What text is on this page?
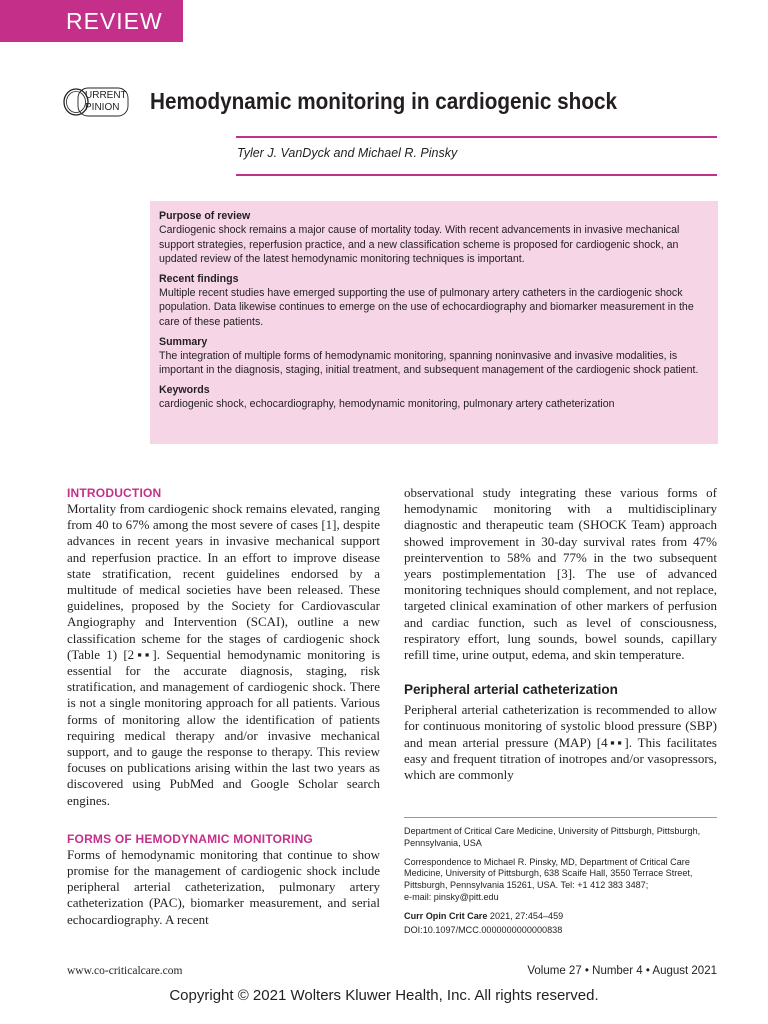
REVIEW
URRENT
PINION Hemodynamic monitoring in cardiogenic shock
Tyler J. VanDyck and Michael R. Pinsky
Purpose of review

Cardiogenic shock remains a major cause of mortality today. With recent advancements in invasive mechanical support strategies, reperfusion practice, and a new classification scheme is proposed for cardiogenic shock, an updated review of the latest hemodynamic monitoring techniques is important.

Recent findings

Multiple recent studies have emerged supporting the use of pulmonary artery catheters in the cardiogenic shock population. Data likewise continues to emerge on the use of echocardiography and biomarker measurement in the care of these patients.

Summary

The integration of multiple forms of hemodynamic monitoring, spanning noninvasive and invasive modalities, is important in the diagnosis, staging, initial treatment, and subsequent management of the cardiogenic shock patient.

Keywords

cardiogenic shock, echocardiography, hemodynamic monitoring, pulmonary artery catheterization

INTRODUCTION

Mortality from cardiogenic shock remains elevated, ranging from 40 to 67% among the most severe of cases [1], despite advances in recent years in invasive mechanical support and reperfusion practice. In an effort to improve disease state stratification, recent guidelines endorsed by a multitude of medical societies have been released. These guidelines, proposed by the Society for Cardiovascular Angiography and Intervention (SCAI), outline a new classification scheme for the stages of cardiogenic shock (Table 1) [2▪▪]. Sequential hemodynamic monitoring is essential for the accurate diagnosis, staging, risk stratification, and management of cardiogenic shock. There is not a single monitoring approach for all patients. Various forms of monitoring allow the identification of patients requiring medical therapy and/or invasive mechanical support, and to gauge the response to therapy. This review focuses on publications arising within the last two years as discovered using PubMed and Google Scholar search engines.

FORMS OF HEMODYNAMIC MONITORING

Forms of hemodynamic monitoring that continue to show promise for the management of cardiogenic shock include peripheral arterial catheterization, pulmonary artery catheterization (PAC), biomarker measurement, and serial echocardiography. A recent

observational study integrating these various forms of hemodynamic monitoring with a multidisciplinary diagnostic and therapeutic team (SHOCK Team) approach showed improvement in 30-day survival rates from 47% preintervention to 58% and 77% in the two subsequent years postimplementation [3]. The use of advanced monitoring techniques should complement, and not replace, targeted clinical examination of other markers of perfusion and cardiac function, such as level of consciousness, respiratory effort, lung sounds, bowel sounds, capillary refill time, urine output, edema, and skin temperature.

Peripheral arterial catheterization

Peripheral arterial catheterization is recommended to allow for continuous monitoring of systolic blood pressure (SBP) and mean arterial pressure (MAP) [4▪▪]. This facilitates easy and frequent titration of inotropes and/or vasopressors, which are commonly

Department of Critical Care Medicine, University of Pittsburgh, Pittsburgh, Pennsylvania, USA

Correspondence to Michael R. Pinsky, MD, Department of Critical Care Medicine, University of Pittsburgh, 638 Scaife Hall, 3550 Terrace Street, Pittsburgh, Pennsylvania 15261, USA. Tel: +1 412 383 3487;

e-mail: pinsky@pitt.edu

Curr Opin Crit Care 2021, 27:454–459

DOI:10.1097/MCC.0000000000000838

www.co-criticalcare.com	Volume 27 • Number 4 • August 2021
Copyright © 2021 Wolters Kluwer Health, Inc. All rights reserved.
